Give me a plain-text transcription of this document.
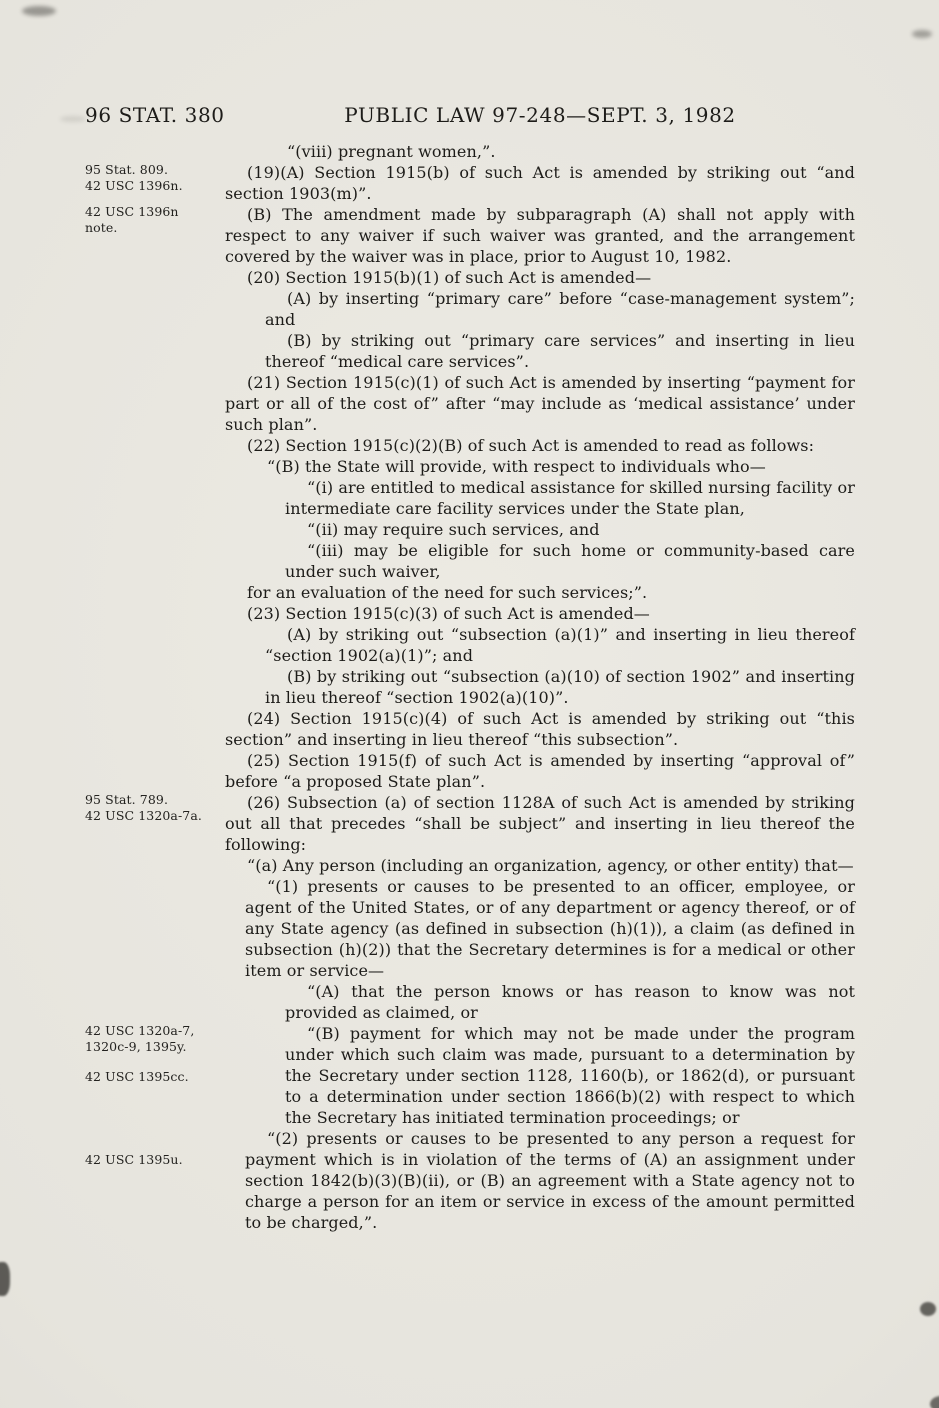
96 STAT. 380	PUBLIC LAW 97-248—SEPT. 3, 1982

“(viii) pregnant women,”.

(19)(A) Section 1915(b) of such Act is amended by striking out “and section 1903(m)”.
95 Stat. 809.
42 USC 1396n.

(B) The amendment made by subparagraph (A) shall not apply with respect to any waiver if such waiver was granted, and the arrangement covered by the waiver was in place, prior to August 10, 1982.
42 USC 1396n
note.

(20) Section 1915(b)(1) of such Act is amended—

(A) by inserting “primary care” before “case-management system”; and

(B) by striking out “primary care services” and inserting in lieu thereof “medical care services”.

(21) Section 1915(c)(1) of such Act is amended by inserting “payment for part or all of the cost of” after “may include as ‘medical assistance’ under such plan”.

(22) Section 1915(c)(2)(B) of such Act is amended to read as follows:

“(B) the State will provide, with respect to individuals who—

“(i) are entitled to medical assistance for skilled nursing facility or intermediate care facility services under the State plan,

“(ii) may require such services, and

“(iii) may be eligible for such home or community-based care under such waiver,

for an evaluation of the need for such services;”.

(23) Section 1915(c)(3) of such Act is amended—

(A) by striking out “subsection (a)(1)” and inserting in lieu thereof “section 1902(a)(1)”; and

(B) by striking out “subsection (a)(10) of section 1902” and inserting in lieu thereof “section 1902(a)(10)”.

(24) Section 1915(c)(4) of such Act is amended by striking out “this section” and inserting in lieu thereof “this subsection”.

(25) Section 1915(f) of such Act is amended by inserting “approval of” before “a proposed State plan”.

(26) Subsection (a) of section 1128A of such Act is amended by striking out all that precedes “shall be subject” and inserting in lieu thereof the following:
95 Stat. 789.
42 USC 1320a-7a.

“(a) Any person (including an organization, agency, or other entity) that—

“(1) presents or causes to be presented to an officer, employee, or agent of the United States, or of any department or agency thereof, or of any State agency (as defined in subsection (h)(1)), a claim (as defined in subsection (h)(2)) that the Secretary determines is for a medical or other item or service—

“(A) that the person knows or has reason to know was not provided as claimed, or

“(B) payment for which may not be made under the program under which such claim was made, pursuant to a determination by the Secretary under section 1128, 1160(b), or 1862(d), or pursuant to a determination under section 1866(b)(2) with respect to which the Secretary has initiated termination proceedings; or
42 USC 1320a-7,
1320c-9, 1395y.
42 USC 1395cc.

“(2) presents or causes to be presented to any person a request for payment which is in violation of the terms of (A) an assignment under section 1842(b)(3)(B)(ii), or (B) an agreement with a State agency not to charge a person for an item or service in excess of the amount permitted to be charged,”.
42 USC 1395u.
